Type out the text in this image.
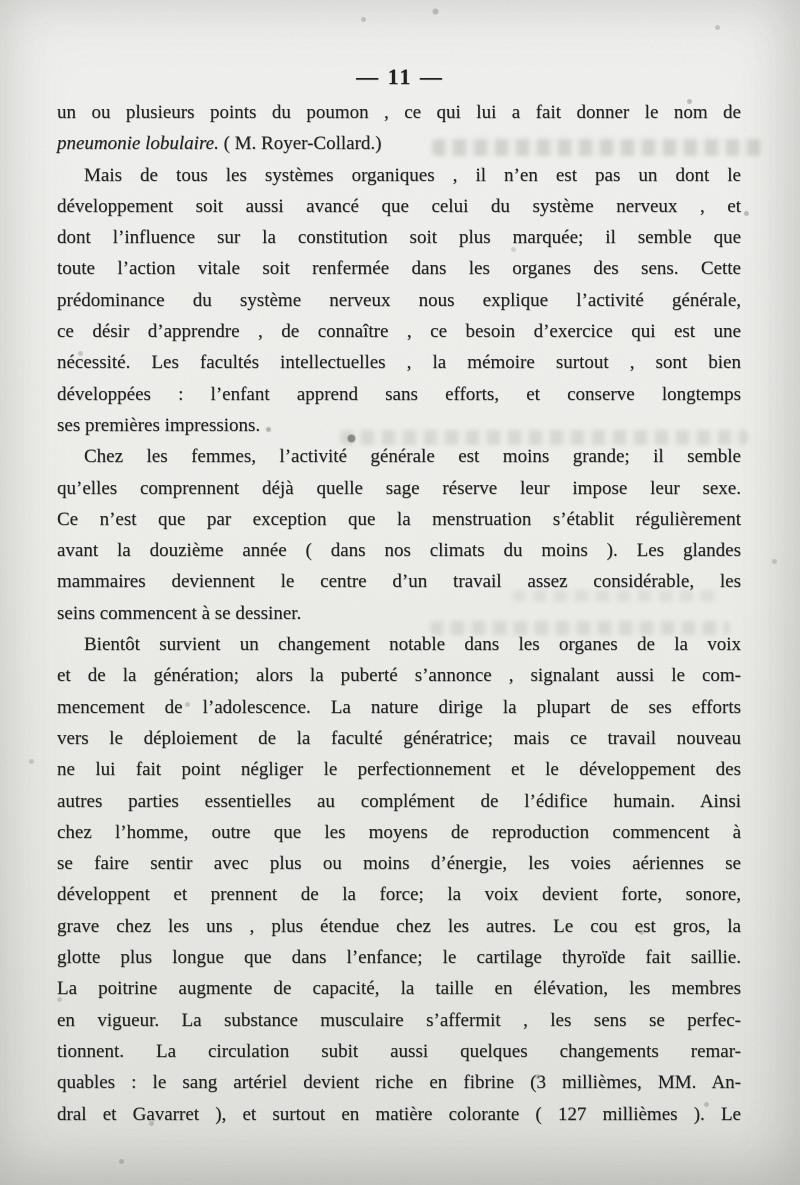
— 11 —
un ou plusieurs points du poumon , ce qui lui a fait donner le nom de
pneumonie lobulaire. ( M. Royer-Collard.)
Mais de tous les systèmes organiques , il n’en est pas un dont le
développement soit aussi avancé que celui du système nerveux , et
dont l’influence sur la constitution soit plus marquée; il semble que
toute l’action vitale soit renfermée dans les organes des sens. Cette
prédominance du système nerveux nous explique l’activité générale,
ce désir d’apprendre , de connaître , ce besoin d’exercice qui est une
nécessité. Les facultés intellectuelles , la mémoire surtout , sont bien
développées : l’enfant apprend sans efforts, et conserve longtemps
ses premières impressions.
Chez les femmes, l’activité générale est moins grande; il semble
qu’elles comprennent déjà quelle sage réserve leur impose leur sexe.
Ce n’est que par exception que la menstruation s’établit régulièrement
avant la douzième année ( dans nos climats du moins ). Les glandes
mammaires deviennent le centre d’un travail assez considérable, les
seins commencent à se dessiner.
Bientôt survient un changement notable dans les organes de la voix
et de la génération; alors la puberté s’annonce , signalant aussi le com-
mencement de l’adolescence. La nature dirige la plupart de ses efforts
vers le déploiement de la faculté génératrice; mais ce travail nouveau
ne lui fait point négliger le perfectionnement et le développement des
autres parties essentielles au complément de l’édifice humain. Ainsi
chez l’homme, outre que les moyens de reproduction commencent à
se faire sentir avec plus ou moins d’énergie, les voies aériennes se
développent et prennent de la force; la voix devient forte, sonore,
grave chez les uns , plus étendue chez les autres. Le cou est gros, la
glotte plus longue que dans l’enfance; le cartilage thyroïde fait saillie.
La poitrine augmente de capacité, la taille en élévation, les membres
en vigueur. La substance musculaire s’affermit , les sens se perfec-
tionnent. La circulation subit aussi quelques changements remar-
quables : le sang artériel devient riche en fibrine (3 millièmes, MM. An-
dral et Gavarret ), et surtout en matière colorante ( 127 millièmes ). Le
